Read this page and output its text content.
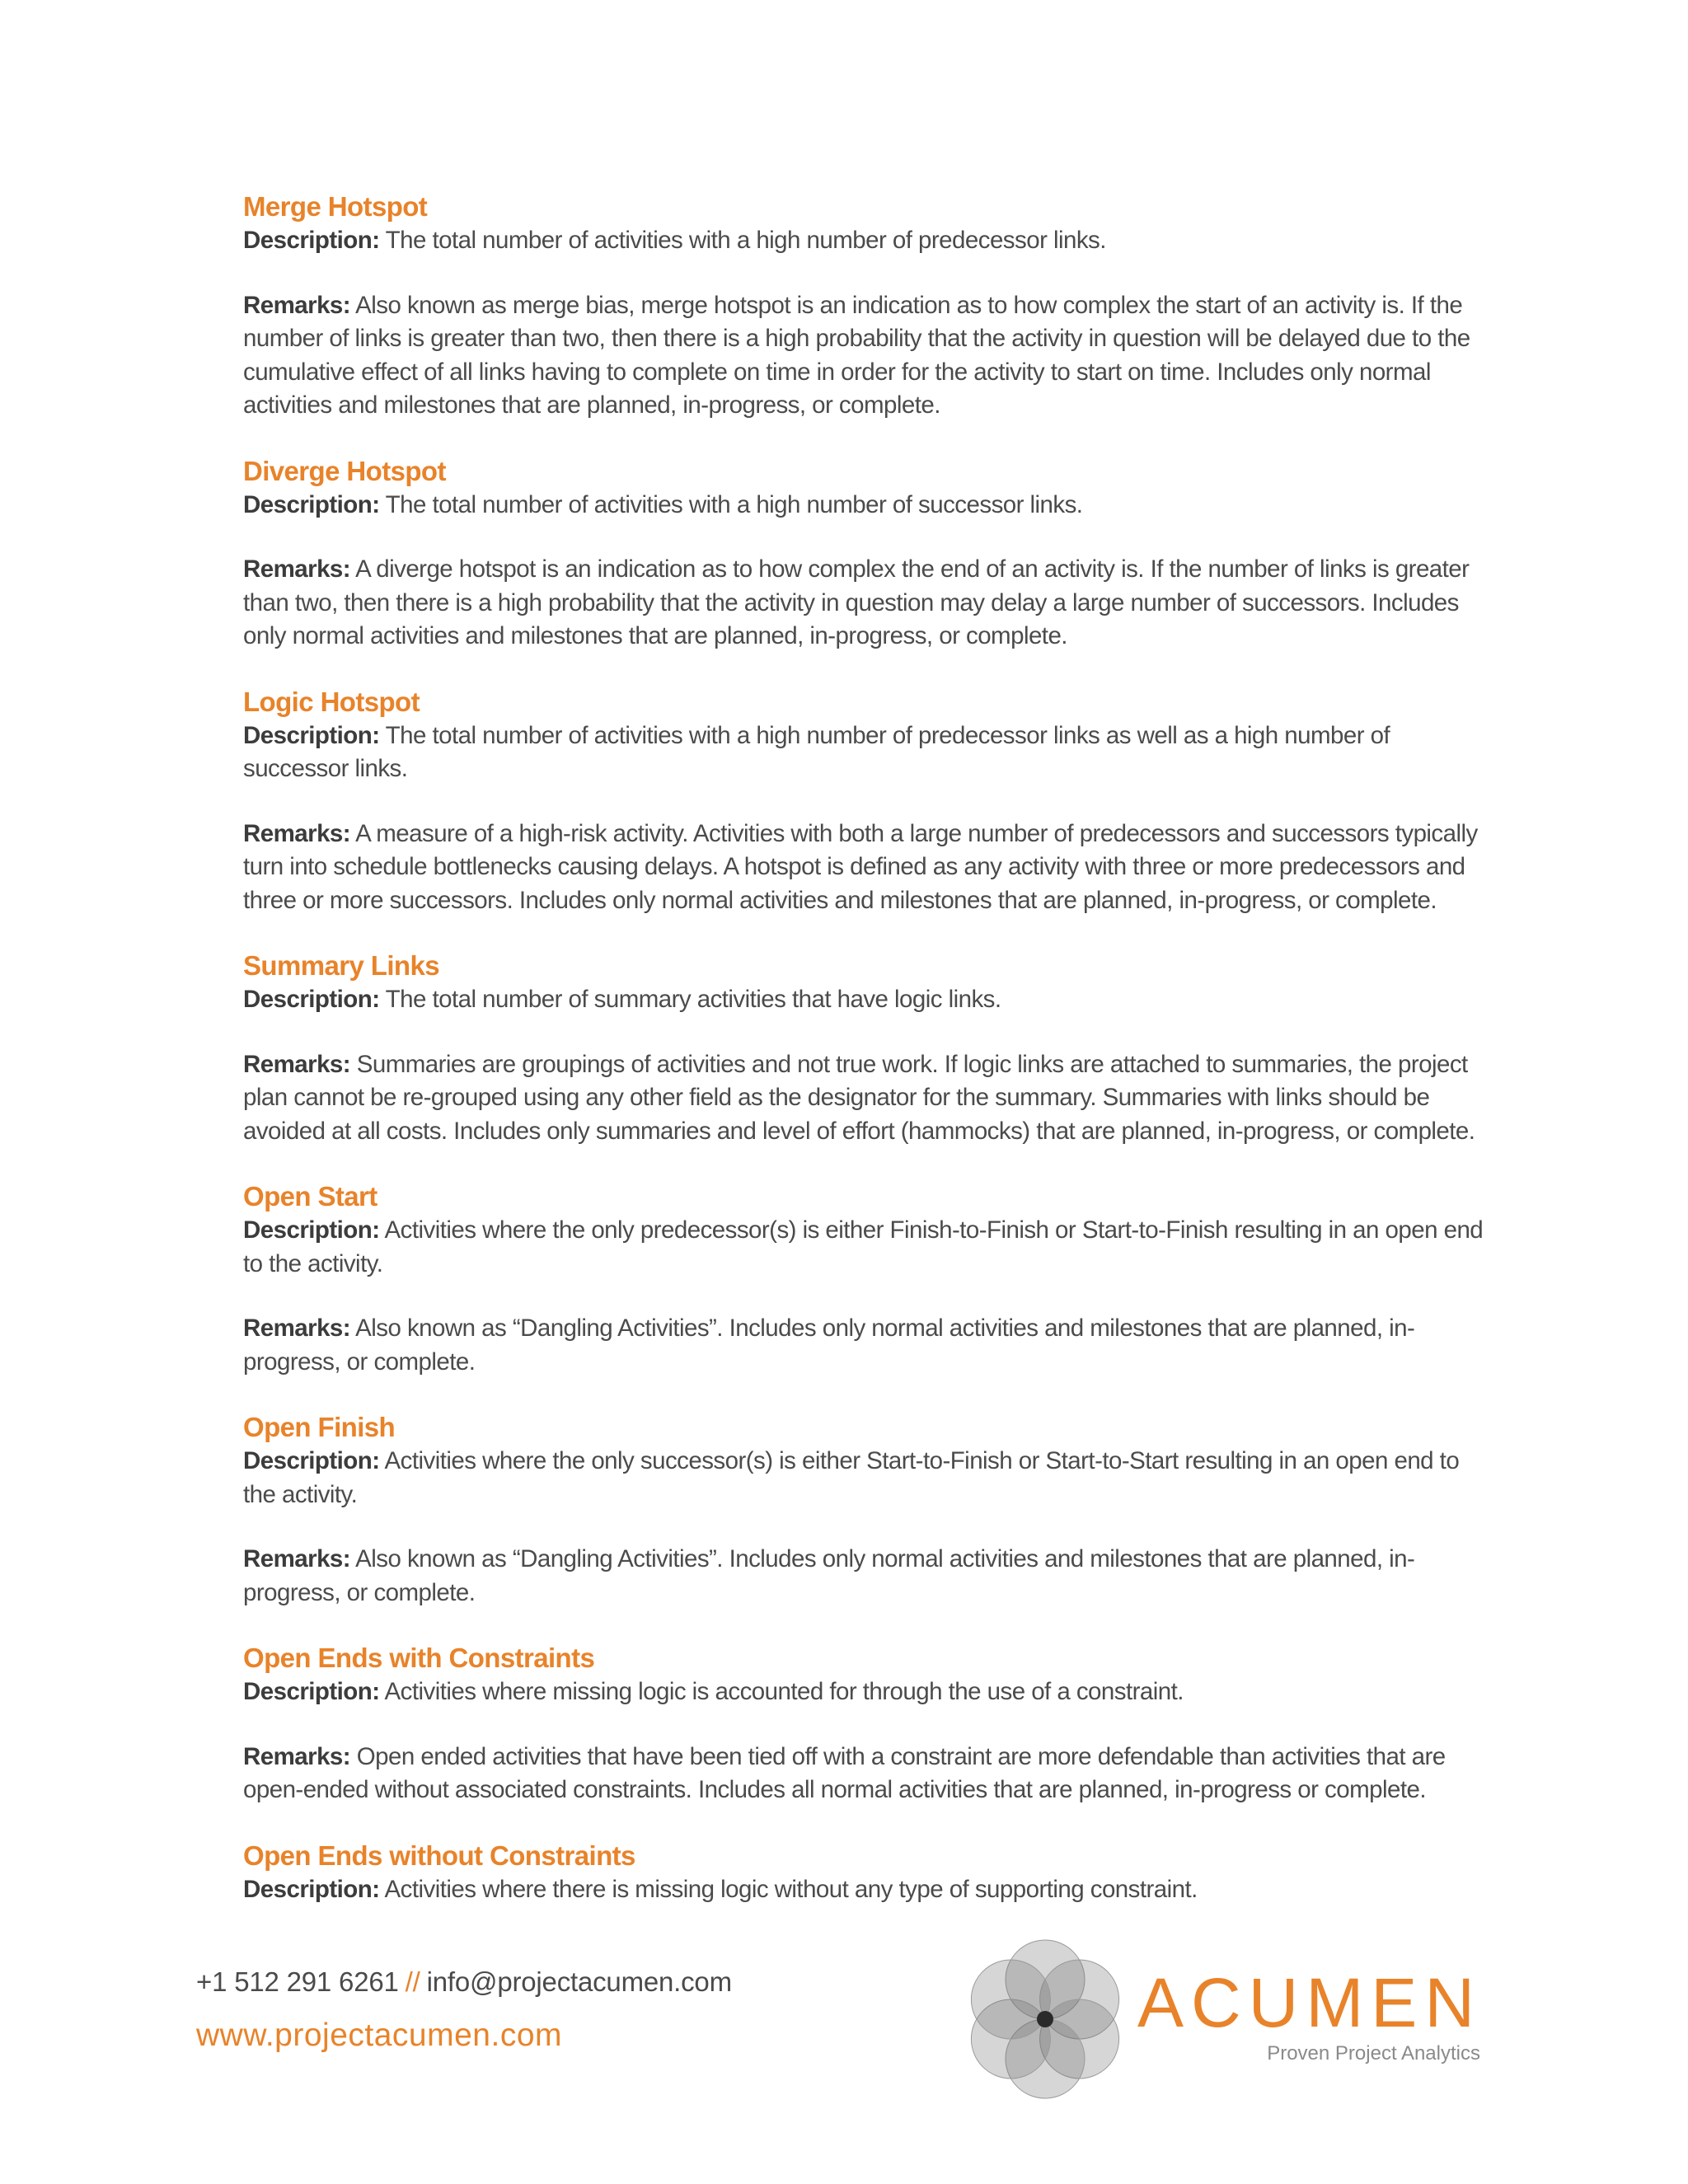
Merge Hotspot

Description: The total number of activities with a high number of predecessor links.

Remarks: Also known as merge bias, merge hotspot is an indication as to how complex the start of an activity is. If the number of links is greater than two, then there is a high probability that the activity in question will be delayed due to the cumulative effect of all links having to complete on time in order for the activity to start on time. Includes only normal activities and milestones that are planned, in-progress, or complete.

Diverge Hotspot

Description: The total number of activities with a high number of successor links.

Remarks: A diverge hotspot is an indication as to how complex the end of an activity is. If the number of links is greater than two, then there is a high probability that the activity in question may delay a large number of successors. Includes only normal activities and milestones that are planned, in-progress, or complete.

Logic Hotspot

Description: The total number of activities with a high number of predecessor links as well as a high number of successor links.

Remarks: A measure of a high-risk activity. Activities with both a large number of predecessors and successors typically turn into schedule bottlenecks causing delays. A hotspot is defined as any activity with three or more predecessors and three or more successors. Includes only normal activities and milestones that are planned, in-progress, or complete.

Summary Links

Description: The total number of summary activities that have logic links.

Remarks: Summaries are groupings of activities and not true work. If logic links are attached to summaries, the project plan cannot be re-grouped using any other field as the designator for the summary. Summaries with links should be avoided at all costs. Includes only summaries and level of effort (hammocks) that are planned, in-progress, or complete.

Open Start

Description: Activities where the only predecessor(s) is either Finish-to-Finish or Start-to-Finish resulting in an open end to the activity.

Remarks: Also known as “Dangling Activities”. Includes only normal activities and milestones that are planned, in-progress, or complete.

Open Finish

Description: Activities where the only successor(s) is either Start-to-Finish or Start-to-Start resulting in an open end to the activity.

Remarks: Also known as “Dangling Activities”. Includes only normal activities and milestones that are planned, in-progress, or complete.

Open Ends with Constraints

Description: Activities where missing logic is accounted for through the use of a constraint.

Remarks: Open ended activities that have been tied off with a constraint are more defendable than activities that are open-ended without associated constraints. Includes all normal activities that are planned, in-progress or complete.

Open Ends without Constraints

Description: Activities where there is missing logic without any type of supporting constraint.

+1 512 291 6261 // info@projectacumen.com
www.projectacumen.com	ACUMEN
Proven Project Analytics
